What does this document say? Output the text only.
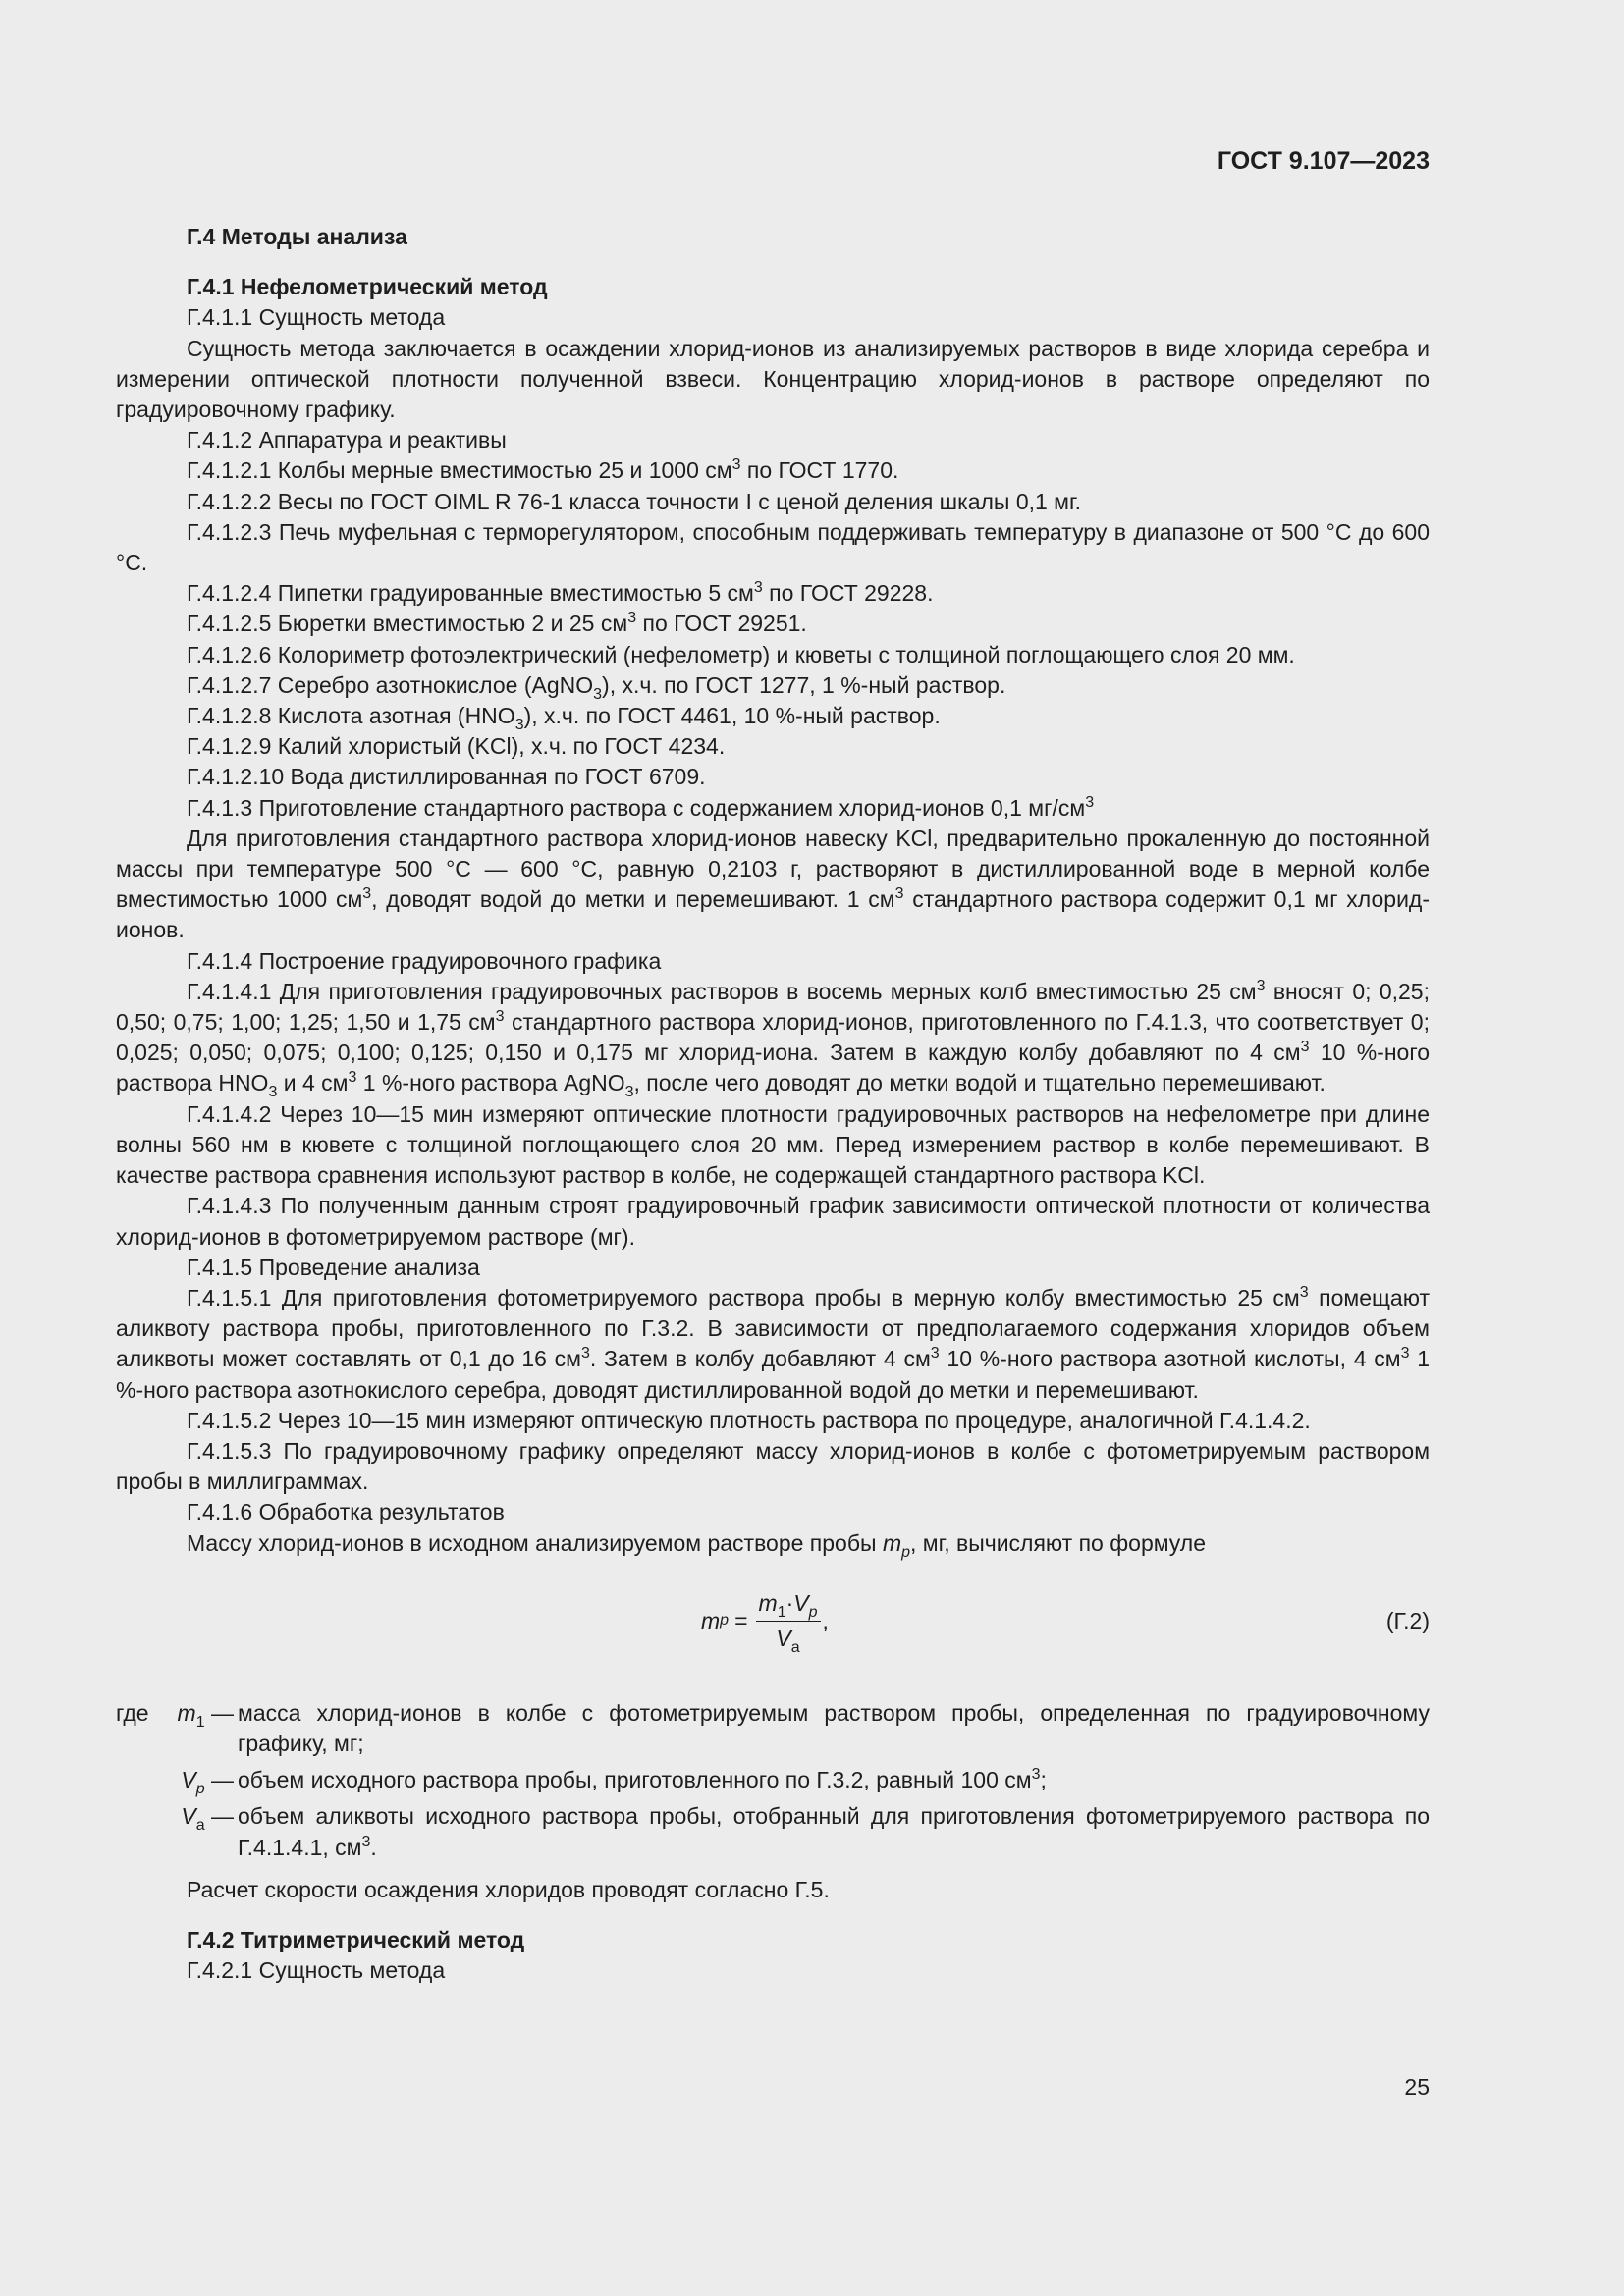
ГОСТ 9.107—2023

Г.4 Методы анализа

Г.4.1 Нефелометрический метод

Г.4.1.1 Сущность метода

Сущность метода заключается в осаждении хлорид-ионов из анализируемых растворов в виде хлорида серебра и измерении оптической плотности полученной взвеси. Концентрацию хлорид-ионов в растворе определяют по градуировочному графику.

Г.4.1.2 Аппаратура и реактивы

Г.4.1.2.1 Колбы мерные вместимостью 25 и 1000 $см^3$ по ГОСТ 1770.

Г.4.1.2.2 Весы по ГОСТ OIML R 76-1 класса точности I с ценой деления шкалы 0,1 мг.

Г.4.1.2.3 Печь муфельная с терморегулятором, способным поддерживать температуру в диапазоне от 500 °С до 600 °С.

Г.4.1.2.4 Пипетки градуированные вместимостью 5 $см^3$ по ГОСТ 29228.

Г.4.1.2.5 Бюретки вместимостью 2 и 25 $см^3$ по ГОСТ 29251.

Г.4.1.2.6 Колориметр фотоэлектрический (нефелометр) и кюветы с толщиной поглощающего слоя 20 мм.

Г.4.1.2.7 Серебро азотнокислое (AgNO$_3$), х.ч. по ГОСТ 1277, 1 %-ный раствор.

Г.4.1.2.8 Кислота азотная $(HNO_3)$, х.ч. по ГОСТ 4461, 10 %-ный раствор.

Г.4.1.2.9 Калий хлористый (KCl), х.ч. по ГОСТ 4234.

Г.4.1.2.10 Вода дистиллированная по ГОСТ 6709.

Г.4.1.3 Приготовление стандартного раствора с содержанием хлорид-ионов 0,1 $мг/см^3$

Для приготовления стандартного раствора хлорид-ионов навеску KCl, предварительно прокаленную до постоянной массы при температуре 500 °С — 600 °С, равную 0,2103 г, растворяют в дистиллированной воде в мерной колбе вместимостью 1000 $см^3$, доводят водой до метки и перемешивают. 1 $см^3$ стандартного раствора содержит 0,1 мг хлорид-ионов.

Г.4.1.4 Построение градуировочного графика

Г.4.1.4.1 Для приготовления градуировочных растворов в восемь мерных колб вместимостью 25 $см^3$ вносят 0; 0,25; 0,50; 0,75; 1,00; 1,25; 1,50 и 1,75 $см^3$ стандартного раствора хлорид-ионов, приготовленного по Г.4.1.3, что соответствует 0; 0,025; 0,050; 0,075; 0,100; 0,125; 0,150 и 0,175 мг хлорид-иона. Затем в каждую колбу добавляют по 4 $см^3$ 10 %-ного раствора $HNO_3$ и 4 $см^3$ 1 %-ного раствора AgNO$_3$, после чего доводят до метки водой и тщательно перемешивают.

Г.4.1.4.2 Через 10—15 мин измеряют оптические плотности градуировочных растворов на нефелометре при длине волны 560 нм в кювете с толщиной поглощающего слоя 20 мм. Перед измерением раствор в колбе перемешивают. В качестве раствора сравнения используют раствор в колбе, не содержащей стандартного раствора KCl.

Г.4.1.4.3 По полученным данным строят градуировочный график зависимости оптической плотности от количества хлорид-ионов в фотометрируемом растворе (мг).

Г.4.1.5 Проведение анализа

Г.4.1.5.1 Для приготовления фотометрируемого раствора пробы в мерную колбу вместимостью 25 $см^3$ помещают аликвоту раствора пробы, приготовленного по Г.3.2. В зависимости от предполагаемого содержания хлоридов объем аликвоты может составлять от 0,1 до 16 $см^3$. Затем в колбу добавляют 4 $см^3$ 10 %-ного раствора азотной кислоты, 4 $см^3$ 1 %-ного раствора азотнокислого серебра, доводят дистиллированной водой до метки и перемешивают.

Г.4.1.5.2 Через 10—15 мин измеряют оптическую плотность раствора по процедуре, аналогичной Г.4.1.4.2.

Г.4.1.5.3 По градуировочному графику определяют массу хлорид-ионов в колбе с фотометрируемым раствором пробы в миллиграммах.

Г.4.1.6 Обработка результатов

Массу хлорид-ионов в исходном анализируемом растворе пробы $m_p$, мг, вычисляют по формуле

m $p = \frac{m_1\cdot V_p}{V_а}$ ,	(Г.2)
где $m_1$ — масса хлорид-ионов в колбе с фотометрируемым раствором пробы, определенная по градуировочному графику, мг;
$V_p$ — объем исходного раствора пробы, приготовленного по Г.3.2, равный 100 $см^3$;
$V_а$ — объем аликвоты исходного раствора пробы, отобранный для приготовления фотометрируемого раствора по Г.4.1.4.1, $см^3$.

Расчет скорости осаждения хлоридов проводят согласно Г.5.

Г.4.2 Титриметрический метод

Г.4.2.1 Сущность метода

25
